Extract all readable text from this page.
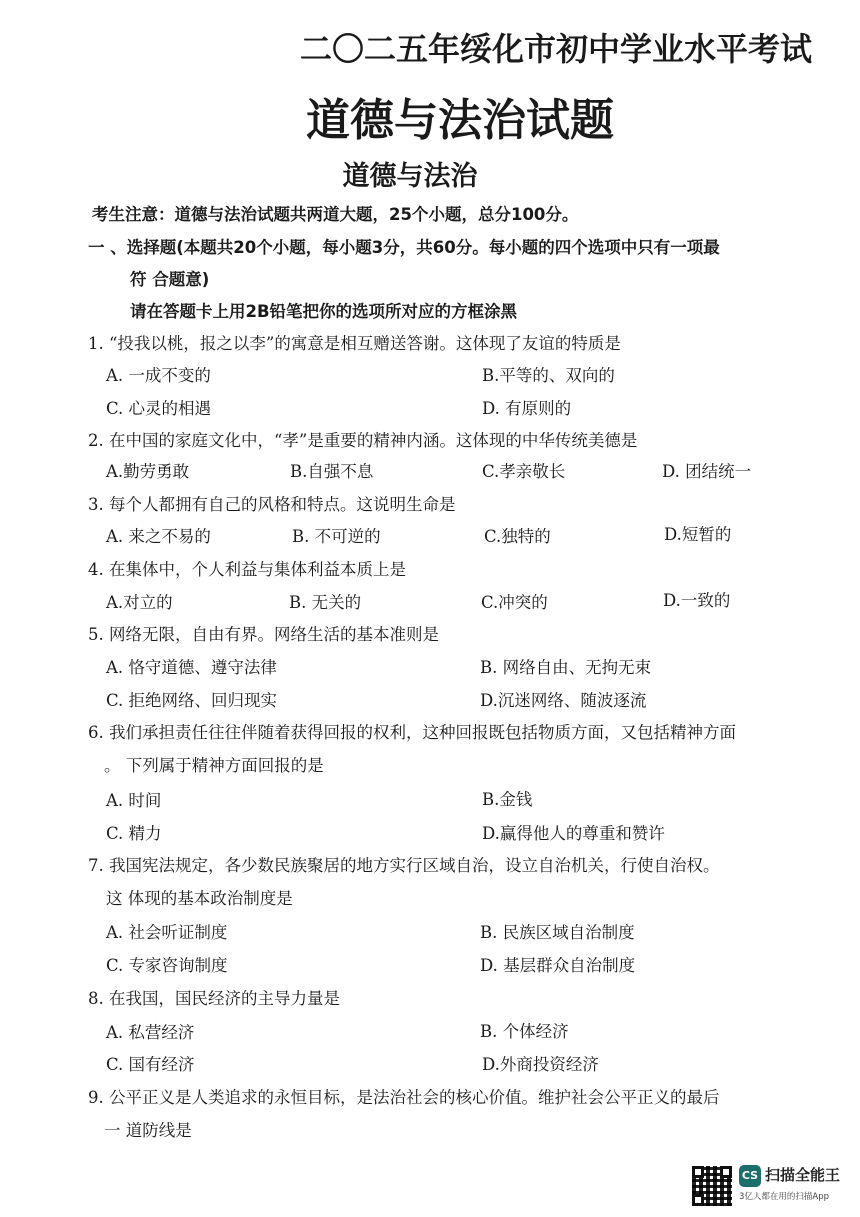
二〇二五年绥化市初中学业水平考试
道德与法治试题
道德与法治
考生注意：道德与法治试题共两道大题，25个小题，总分100分。
一 、选择题(本题共20个小题，每小题3分，共60分。每小题的四个选项中只有一项最
符 合题意)
请在答题卡上用2B铅笔把你的选项所对应的方框涂黑
1. “投我以桃，报之以李”的寓意是相互赠送答谢。这体现了友谊的特质是
A. 一成不变的	B.平等的、双向的
C. 心灵的相遇	D. 有原则的
2. 在中国的家庭文化中，“孝”是重要的精神内涵。这体现的中华传统美德是
A.勤劳勇敢	B.自强不息	C.孝亲敬长	D. 团结统一
3. 每个人都拥有自己的风格和特点。这说明生命是
A. 来之不易的	B. 不可逆的	C.独特的	D.短暂的
4. 在集体中，个人利益与集体利益本质上是
A.对立的	B. 无关的	C.冲突的	D.一致的
5. 网络无限，自由有界。网络生活的基本准则是
A. 恪守道德、遵守法律	B. 网络自由、无拘无束
C. 拒绝网络、回归现实	D.沉迷网络、随波逐流
6. 我们承担责任往往伴随着获得回报的权利，这种回报既包括物质方面，又包括精神方面
。 下列属于精神方面回报的是
A. 时间	B.金钱
C. 精力	D.赢得他人的尊重和赞许
7. 我国宪法规定，各少数民族聚居的地方实行区域自治，设立自治机关，行使自治权。
这 体现的基本政治制度是
A. 社会听证制度	B. 民族区域自治制度
C. 专家咨询制度	D. 基层群众自治制度
8. 在我国，国民经济的主导力量是
A. 私营经济	B. 个体经济
C. 国有经济	D.外商投资经济
9. 公平正义是人类追求的永恒目标，是法治社会的核心价值。维护社会公平正义的最后
一 道防线是
CS 扫描全能王
3亿人都在用的扫描App
